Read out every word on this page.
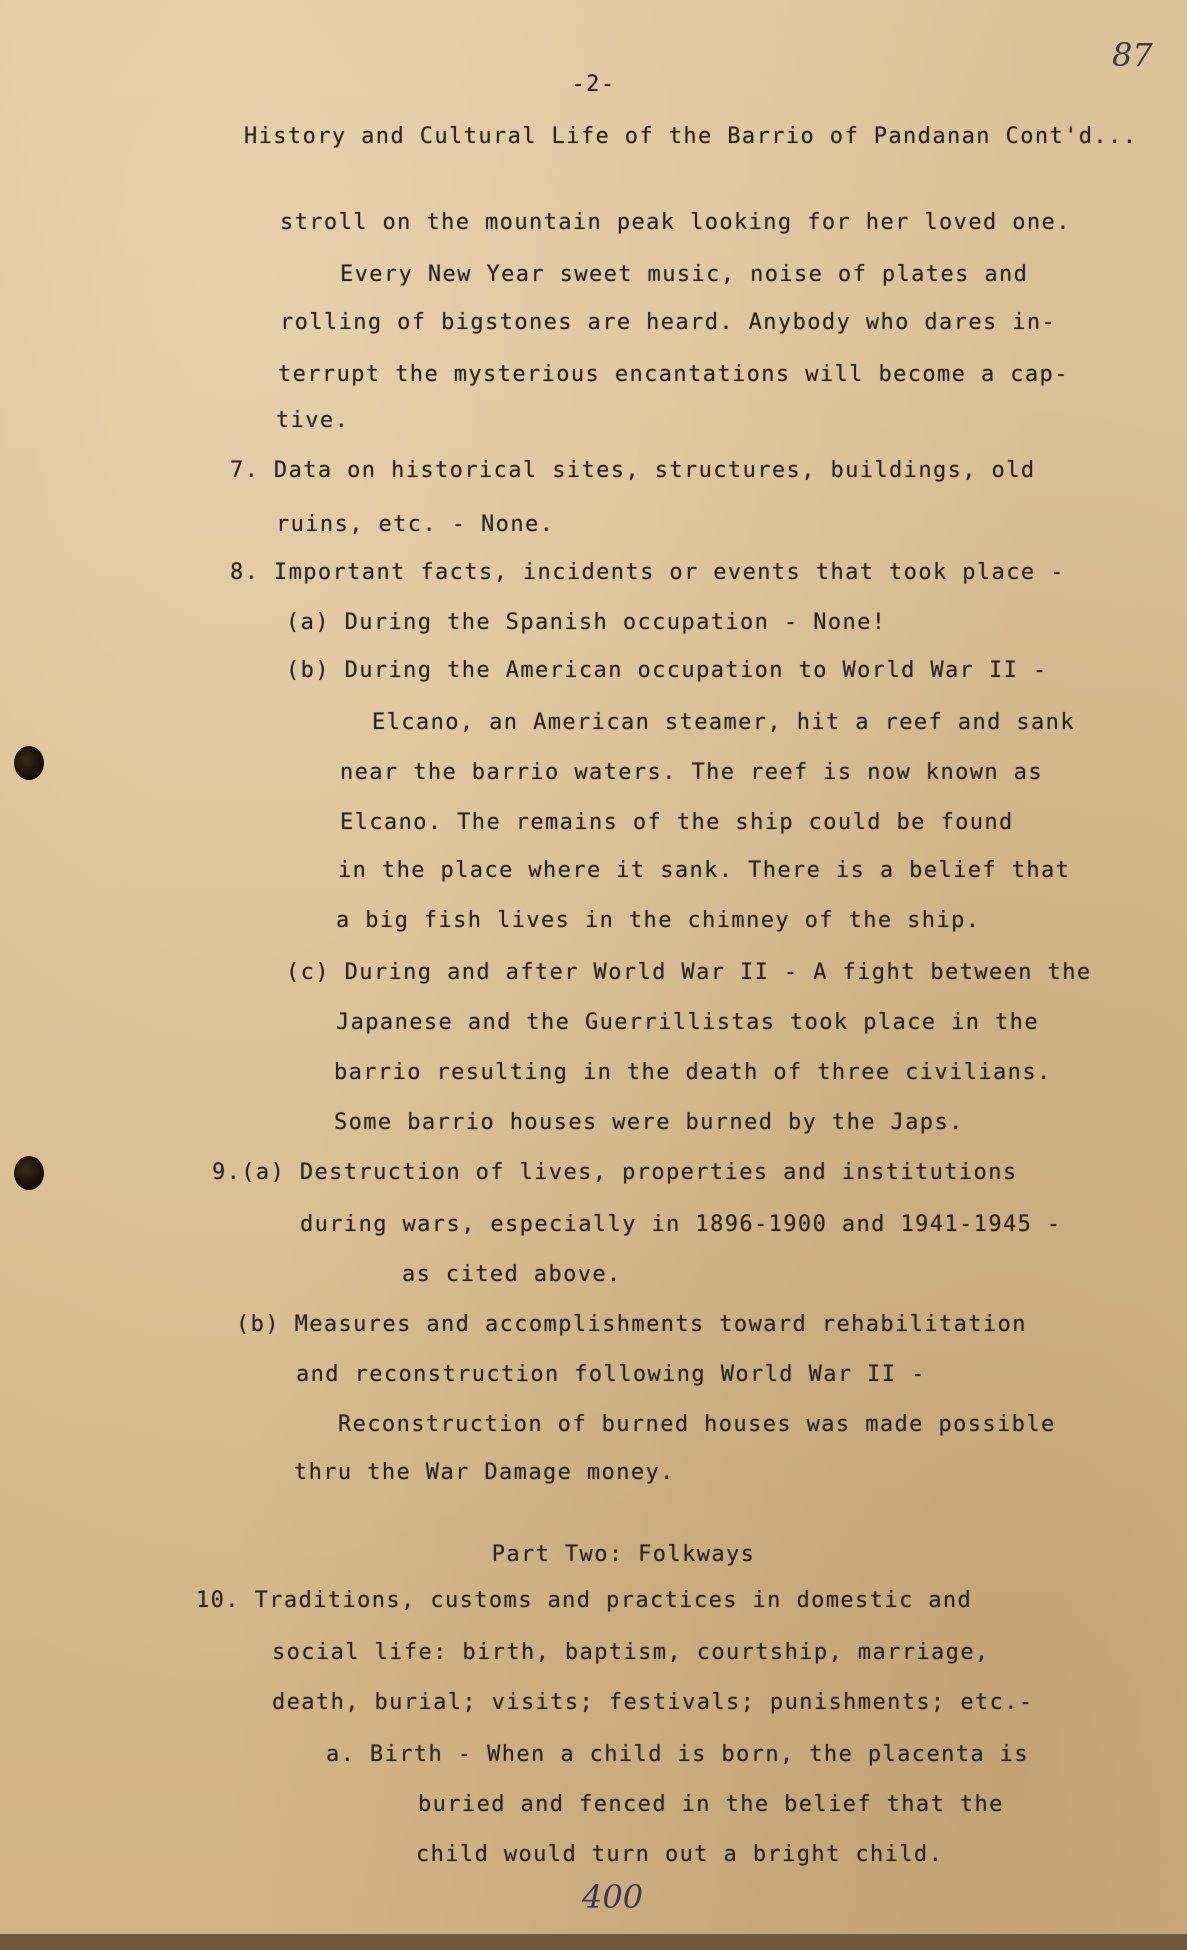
-2-

87

History and Cultural Life of the Barrio of Pandanan Cont'd...

stroll on the mountain peak looking for her loved one.

Every New Year sweet music, noise of plates and

rolling of bigstones are heard. Anybody who dares in-

terrupt the mysterious encantations will become a cap-

tive.

7. Data on historical sites, structures, buildings, old

ruins, etc. - None.

8. Important facts, incidents or events that took place -

(a) During the Spanish occupation - None!

(b) During the American occupation to World War II -

Elcano, an American steamer, hit a reef and sank

near the barrio waters. The reef is now known as

Elcano. The remains of the ship could be found

in the place where it sank. There is a belief that

a big fish lives in the chimney of the ship.

(c) During and after World War II - A fight between the

Japanese and the Guerrillistas took place in the

barrio resulting in the death of three civilians.

Some barrio houses were burned by the Japs.

9.(a) Destruction of lives, properties and institutions

during wars, especially in 1896-1900 and 1941-1945 -

as cited above.

(b) Measures and accomplishments toward rehabilitation

and reconstruction following World War II -

Reconstruction of burned houses was made possible

thru the War Damage money.

Part Two: Folkways

10. Traditions, customs and practices in domestic and

social life: birth, baptism, courtship, marriage,

death, burial; visits; festivals; punishments; etc.-

a. Birth - When a child is born, the placenta is

buried and fenced in the belief that the

child would turn out a bright child.

400
